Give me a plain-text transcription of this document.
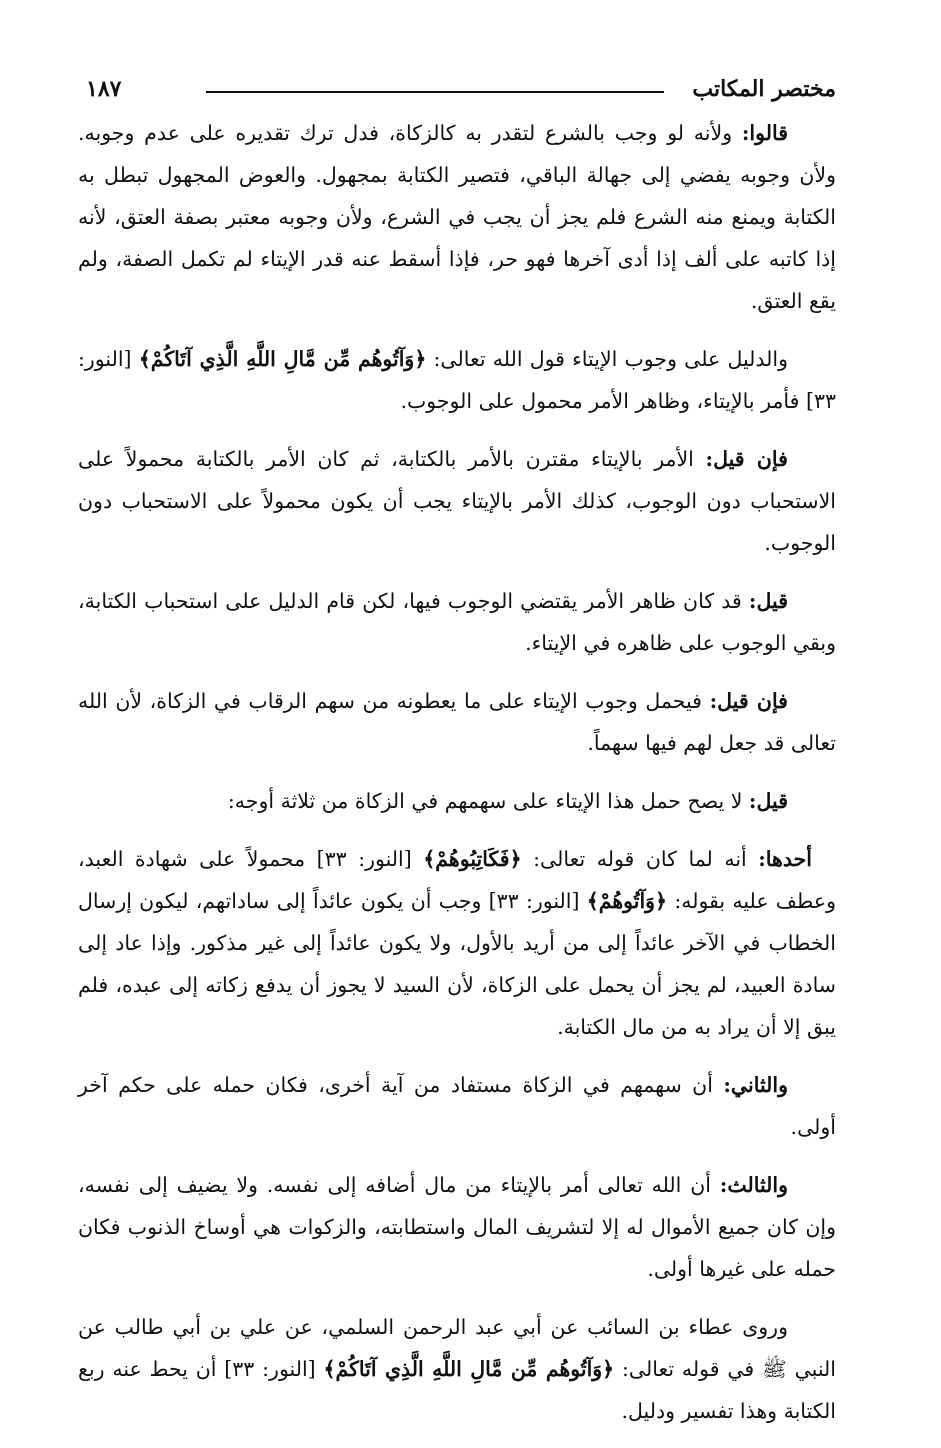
مختصر المكاتب
١٨٧

قالوا: ولأنه لو وجب بالشرع لتقدر به كالزكاة، فدل ترك تقديره على عدم وجوبه. ولأن وجوبه يفضي إلى جهالة الباقي، فتصير الكتابة بمجهول. والعوض المجهول تبطل به الكتابة ويمنع منه الشرع فلم يجز أن يجب في الشرع، ولأن وجوبه معتبر بصفة العتق، لأنه إذا كاتبه على ألف إذا أدى آخرها فهو حر، فإذا أسقط عنه قدر الإيتاء لم تكمل الصفة، ولم يقع العتق.

والدليل على وجوب الإيتاء قول الله تعالى: ﴿وَآتُوهُم مِّن مَّالِ اللَّهِ الَّذِي آتَاكُمْ﴾ [النور: ٣٣] فأمر بالإيتاء، وظاهر الأمر محمول على الوجوب.

فإن قيل: الأمر بالإيتاء مقترن بالأمر بالكتابة، ثم كان الأمر بالكتابة محمولاً على الاستحباب دون الوجوب، كذلك الأمر بالإيتاء يجب أن يكون محمولاً على الاستحباب دون الوجوب.

قيل: قد كان ظاهر الأمر يقتضي الوجوب فيها، لكن قام الدليل على استحباب الكتابة، وبقي الوجوب على ظاهره في الإيتاء.

فإن قيل: فيحمل وجوب الإيتاء على ما يعطونه من سهم الرقاب في الزكاة، لأن الله تعالى قد جعل لهم فيها سهماً.

قيل: لا يصح حمل هذا الإيتاء على سهمهم في الزكاة من ثلاثة أوجه:

أحدها: أنه لما كان قوله تعالى: ﴿فَكَاتِبُوهُمْ﴾ [النور: ٣٣] محمولاً على شهادة العبد، وعطف عليه بقوله: ﴿وَآتُوهُمْ﴾ [النور: ٣٣] وجب أن يكون عائداً إلى ساداتهم، ليكون إرسال الخطاب في الآخر عائداً إلى من أريد بالأول، ولا يكون عائداً إلى غير مذكور. وإذا عاد إلى سادة العبيد، لم يجز أن يحمل على الزكاة، لأن السيد لا يجوز أن يدفع زكاته إلى عبده، فلم يبق إلا أن يراد به من مال الكتابة.

والثاني: أن سهمهم في الزكاة مستفاد من آية أخرى، فكان حمله على حكم آخر أولى.

والثالث: أن الله تعالى أمر بالإيتاء من مال أضافه إلى نفسه. ولا يضيف إلى نفسه، وإن كان جميع الأموال له إلا لتشريف المال واستطابته، والزكوات هي أوساخ الذنوب فكان حمله على غيرها أولى.

وروى عطاء بن السائب عن أبي عبد الرحمن السلمي، عن علي بن أبي طالب عن النبي ﷺ في قوله تعالى: ﴿وَآتُوهُم مِّن مَّالِ اللَّهِ الَّذِي آتَاكُمْ﴾ [النور: ٣٣] أن يحط عنه ربع الكتابة وهذا تفسير ودليل.
